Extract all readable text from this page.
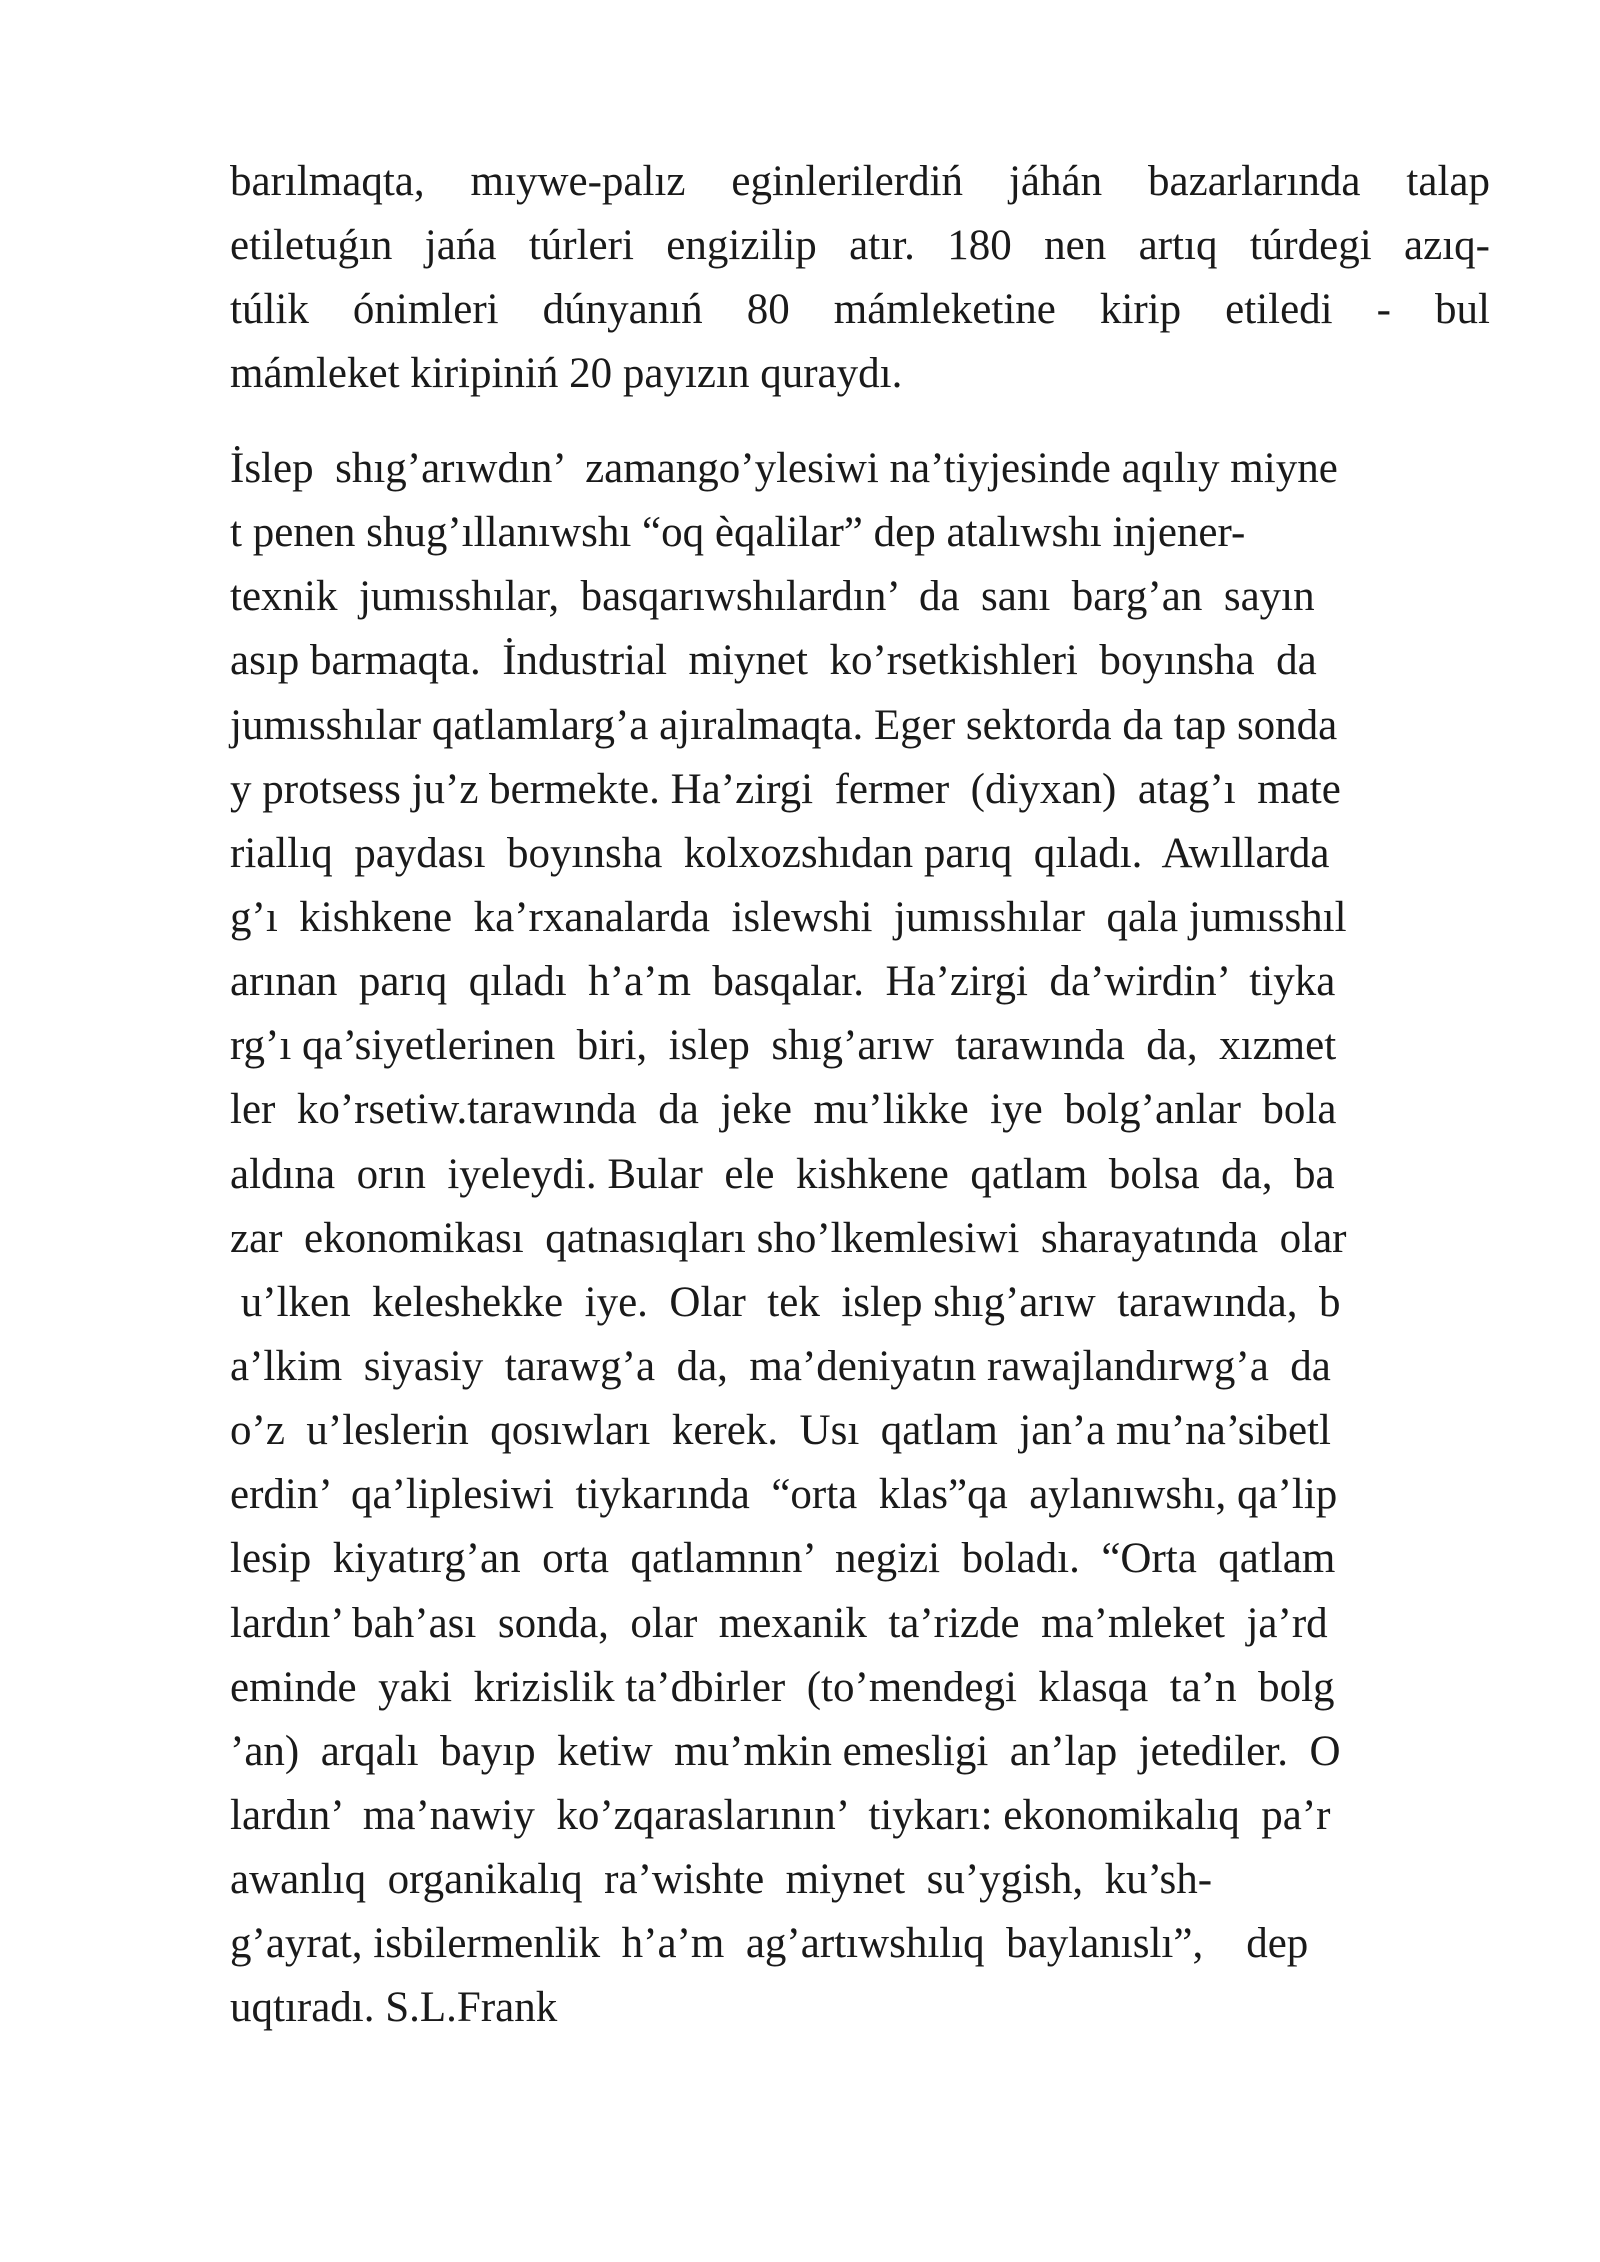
barılmaqta, mıywe-palız eginlerilerdiń jáhán bazarlarında talap
etiletuǵın jańa túrleri engizilip atır. 180 nen artıq túrdegi azıq-
túlik ónimleri dúnyanıń 80 mámleketine kirip etiledi - bul
mámleket kiripiniń 20 payızın quraydı.
İslep  shıg’arıwdın’  zamango’ylesiwi na’tiyjesinde aqılıy miyne
t penen shug’ıllanıwshı “oq èqalilar” dep atalıwshı injener-
texnik  jumısshılar,  basqarıwshılardın’  da  sanı  barg’an  sayın
asıp barmaqta.  İndustrial  miynet  ko’rsetkishleri  boyınsha  da
jumısshılar qatlamlarg’a ajıralmaqta. Eger sektorda da tap sonda
y protsess ju’z bermekte. Ha’zirgi  fermer  (diyxan)  atag’ı  mate
riallıq  paydası  boyınsha  kolxozshıdan parıq  qıladı.  Awıllarda
g’ı  kishkene  ka’rxanalarda  islewshi  jumısshılar  qala jumısshıl
arınan  parıq  qıladı  h’a’m  basqalar.  Ha’zirgi  da’wirdin’  tiyka
rg’ı qa’siyetlerinen  biri,  islep  shıg’arıw  tarawında  da,  xızmet
ler  ko’rsetiw.tarawında  da  jeke  mu’likke  iye  bolg’anlar  bola
aldına  orın  iyeleydi. Bular  ele  kishkene  qatlam  bolsa  da,  ba
zar  ekonomikası  qatnasıqları sho’lkemlesiwi  sharayatında  olar
u’lken  keleshekke  iye.  Olar  tek  islep shıg’arıw  tarawında,  b
a’lkim  siyasiy  tarawg’a  da,  ma’deniyatın rawajlandırwg’a  da
o’z  u’leslerin  qosıwları  kerek.  Usı  qatlam  jan’a mu’na’sibetl
erdin’  qa’liplesiwi  tiykarında  “orta  klas”qa  aylanıwshı, qa’lip
lesip  kiyatırg’an  orta  qatlamnın’  negizi  boladı.  “Orta  qatlam
lardın’ bah’ası  sonda,  olar  mexanik  ta’rizde  ma’mleket  ja’rd
eminde  yaki  krizislik ta’dbirler  (to’mendegi  klasqa  ta’n  bolg
’an)  arqalı  bayıp  ketiw  mu’mkin emesligi  an’lap  jetediler.  O
lardın’  ma’nawiy  ko’zqaraslarının’  tiykarı: ekonomikalıq  pa’r
awanlıq  organikalıq  ra’wishte  miynet  su’ygish,  ku’sh-
g’ayrat, isbilermenlik  h’a’m  ag’artıwshılıq  baylanıslı”,    dep
uqtıradı. S.L.Frank
